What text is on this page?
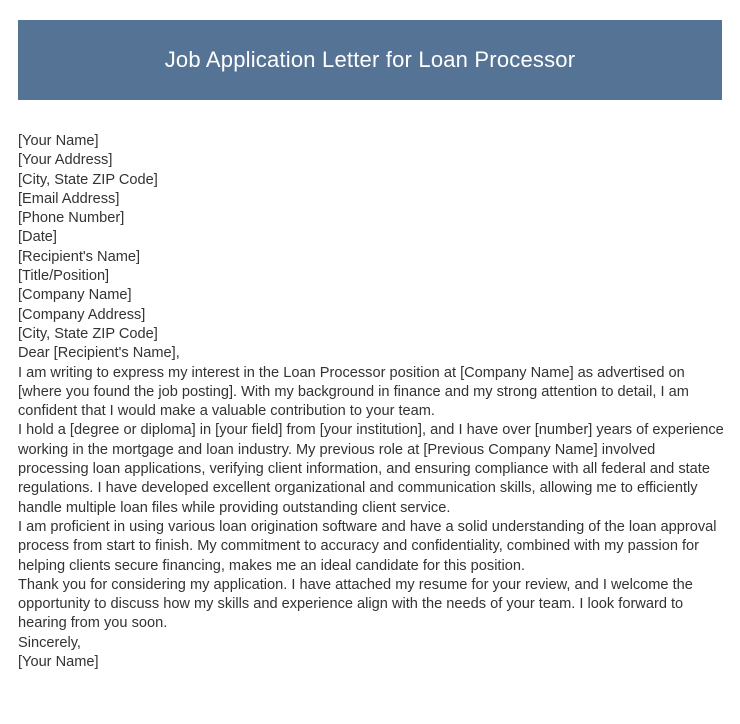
Job Application Letter for Loan Processor
[Your Name]
[Your Address]
[City, State ZIP Code]
[Email Address]
[Phone Number]
[Date]
[Recipient's Name]
[Title/Position]
[Company Name]
[Company Address]
[City, State ZIP Code]
Dear [Recipient's Name],

I am writing to express my interest in the Loan Processor position at [Company Name] as advertised on [where you found the job posting]. With my background in finance and my strong attention to detail, I am confident that I would make a valuable contribution to your team.

I hold a [degree or diploma] in [your field] from [your institution], and I have over [number] years of experience working in the mortgage and loan industry. My previous role at [Previous Company Name] involved processing loan applications, verifying client information, and ensuring compliance with all federal and state regulations. I have developed excellent organizational and communication skills, allowing me to efficiently handle multiple loan files while providing outstanding client service.

I am proficient in using various loan origination software and have a solid understanding of the loan approval process from start to finish. My commitment to accuracy and confidentiality, combined with my passion for helping clients secure financing, makes me an ideal candidate for this position.

Thank you for considering my application. I have attached my resume for your review, and I welcome the opportunity to discuss how my skills and experience align with the needs of your team. I look forward to hearing from you soon.

Sincerely,
[Your Name]
